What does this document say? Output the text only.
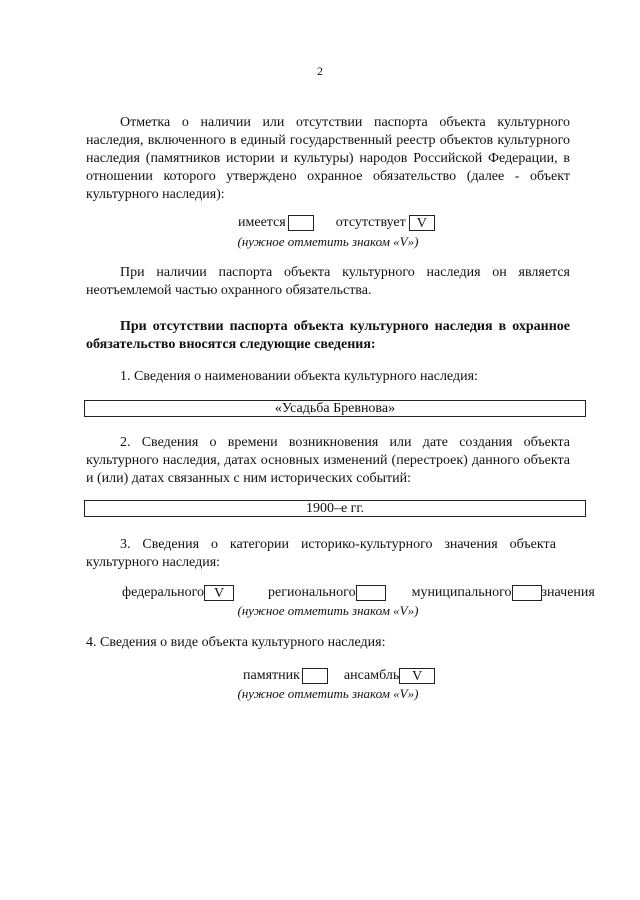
2
Отметка о наличии или отсутствии паспорта объекта культурного наследия, включенного в единый государственный реестр объектов культурного наследия (памятников истории и культуры) народов Российской Федерации, в отношении которого утверждено охранное обязательство (далее - объект культурного наследия):
имеется	отсутствует V
(нужное отметить знаком «V»)
При наличии паспорта объекта культурного наследия он является неотъемлемой частью охранного обязательства.
При отсутствии паспорта объекта культурного наследия в охранное обязательство вносятся следующие сведения:
1. Сведения о наименовании объекта культурного наследия:
«Усадьба Бревнова»
2. Сведения о времени возникновения или дате создания объекта культурного наследия, датах основных изменений (перестроек) данного объекта и (или) датах связанных с ним исторических событий:
1900–е гг.
3. Сведения о категории историко-культурного значения объекта культурного наследия:
федерального V	регионального	муниципального значения
(нужное отметить знаком «V»)
4. Сведения о виде объекта культурного наследия:
памятник	ансамбль V
(нужное отметить знаком «V»)
